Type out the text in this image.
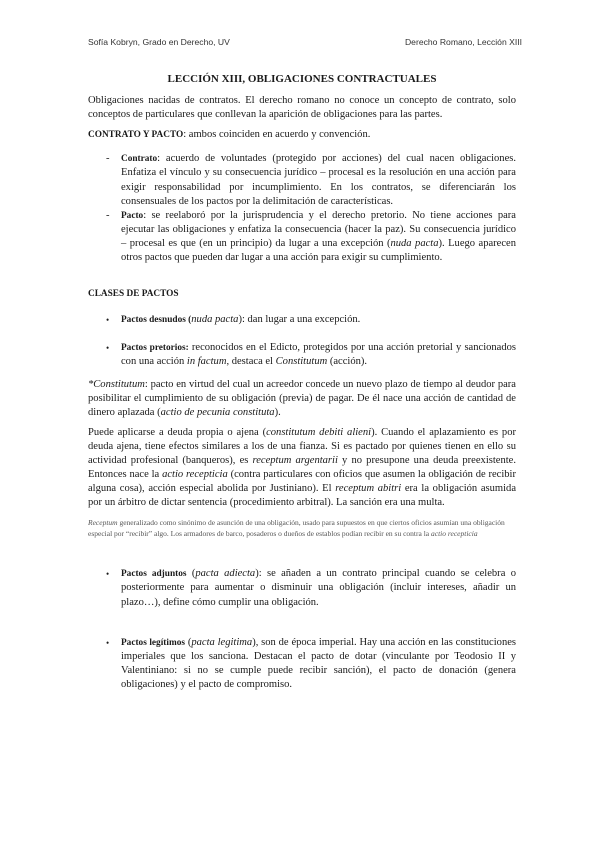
Sofía Kobryn, Grado en Derecho, UV	Derecho Romano, Lección XIII

LECCIÓN XIII, OBLIGACIONES CONTRACTUALES

Obligaciones nacidas de contratos. El derecho romano no conoce un concepto de contrato, solo conceptos de particulares que conllevan la aparición de obligaciones para las partes.

CONTRATO Y PACTO: ambos coinciden en acuerdo y convención.

- Contrato: acuerdo de voluntades (protegido por acciones) del cual nacen obligaciones. Enfatiza el vínculo y su consecuencia jurídico – procesal es la resolución en una acción para exigir responsabilidad por incumplimiento. En los contratos, se diferenciarán los consensuales de los pactos por la delimitación de características.
- Pacto: se reelaboró por la jurisprudencia y el derecho pretorio. No tiene acciones para ejecutar las obligaciones y enfatiza la consecuencia (hacer la paz). Su consecuencia jurídico – procesal es que (en un principio) da lugar a una excepción (nuda pacta). Luego aparecen otros pactos que pueden dar lugar a una acción para exigir su cumplimiento.

CLASES DE PACTOS

• Pactos desnudos (nuda pacta): dan lugar a una excepción.
• Pactos pretorios: reconocidos en el Edicto, protegidos por una acción pretorial y sancionados con una acción in factum, destaca el Constitutum (acción).

*Constitutum: pacto en virtud del cual un acreedor concede un nuevo plazo de tiempo al deudor para posibilitar el cumplimiento de su obligación (previa) de pagar. De él nace una acción de cantidad de dinero aplazada (actio de pecunia constituta).

Puede aplicarse a deuda propia o ajena (constitutum debiti alieni). Cuando el aplazamiento es por deuda ajena, tiene efectos similares a los de una fianza. Si es pactado por quienes tienen en ello su actividad profesional (banqueros), es receptum argentarii y no presupone una deuda preexistente. Entonces nace la actio recepticia (contra particulares con oficios que asumen la obligación de recibir alguna cosa), acción especial abolida por Justiniano). El receptum abitri era la obligación asumida por un árbitro de dictar sentencia (procedimiento arbitral). La sanción era una multa.

Receptum generalizado como sinónimo de asunción de una obligación, usado para supuestos en que ciertos oficios asumían una obligación especial por “recibir” algo. Los armadores de barco, posaderos o dueños de establos podían recibir en su contra la actio recepticia

• Pactos adjuntos (pacta adiecta): se añaden a un contrato principal cuando se celebra o posteriormente para aumentar o disminuir una obligación (incluir intereses, añadir un plazo…), define cómo cumplir una obligación.
• Pactos legítimos (pacta legitima), son de época imperial. Hay una acción en las constituciones imperiales que los sanciona. Destacan el pacto de dotar (vinculante por Teodosio II y Valentiniano: si no se cumple puede recibir sanción), el pacto de donación (genera obligaciones) y el pacto de compromiso.
